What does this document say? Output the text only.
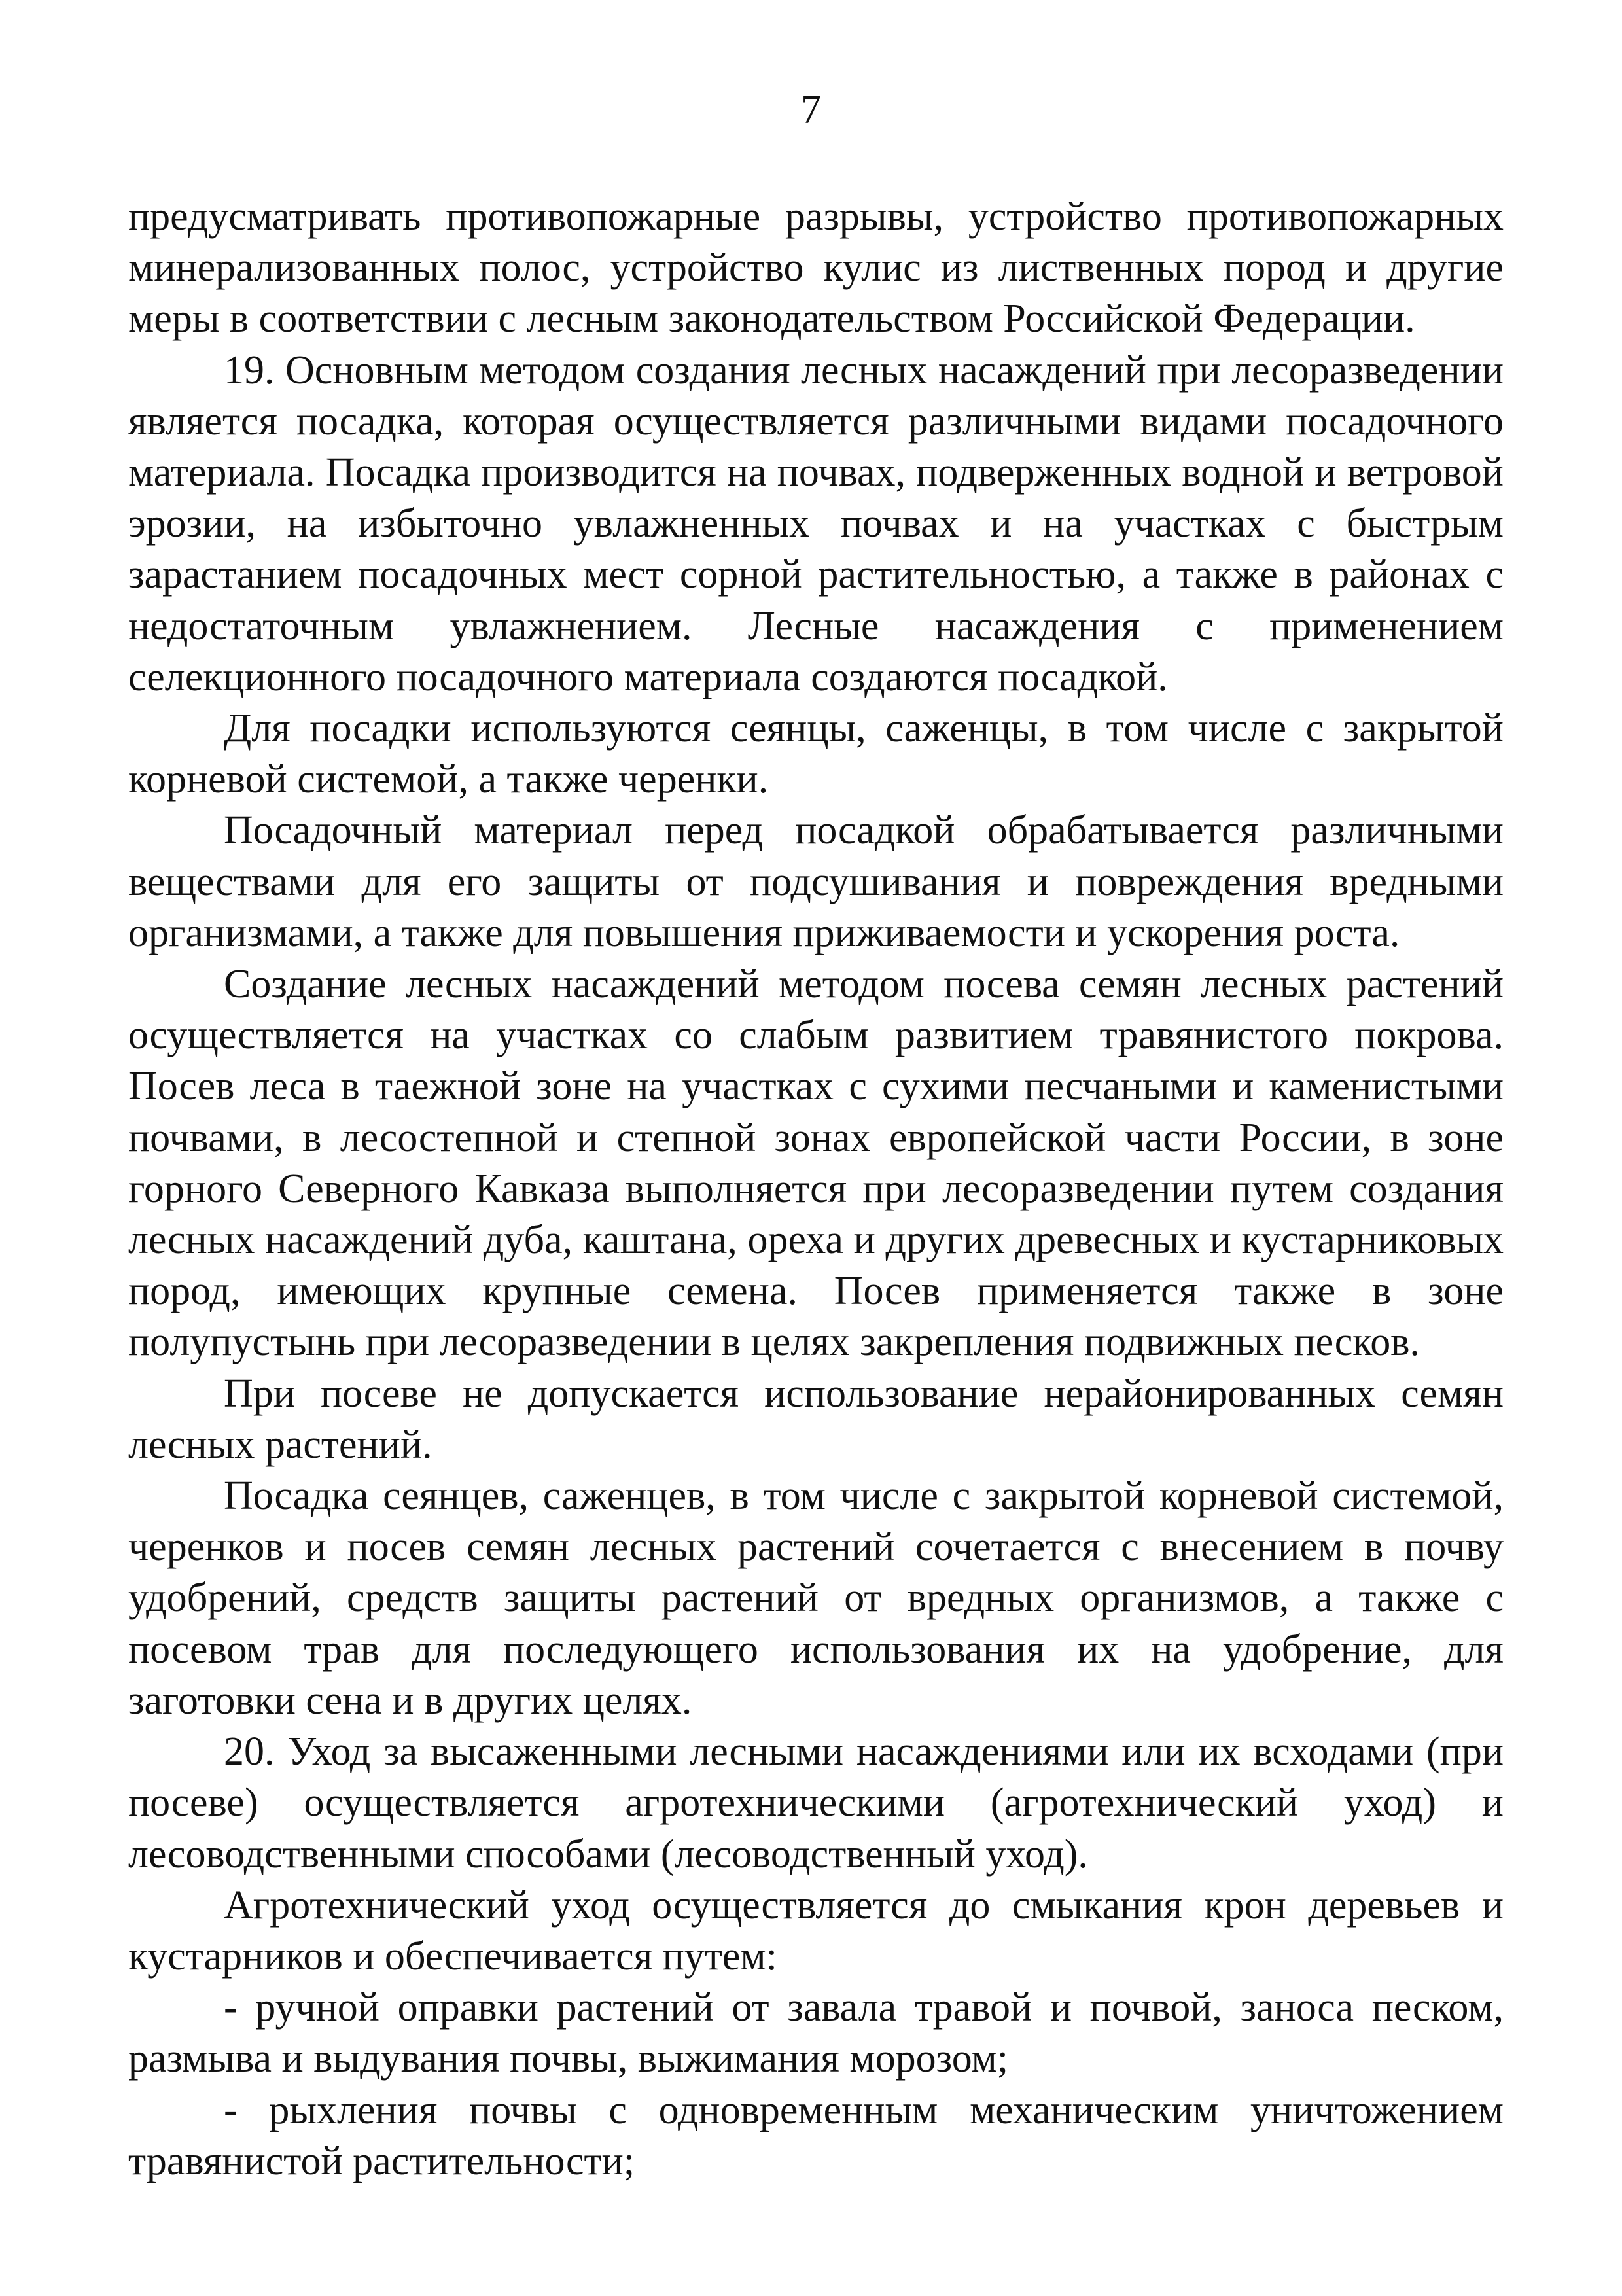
7

предусматривать противопожарные разрывы, устройство противопожарных минерализованных полос, устройство кулис из лиственных пород и другие меры в соответствии с лесным законодательством Российской Федерации.

19. Основным методом создания лесных насаждений при лесоразведении является посадка, которая осуществляется различными видами посадочного материала. Посадка производится на почвах, подверженных водной и ветровой эрозии, на избыточно увлажненных почвах и на участках с быстрым зарастанием посадочных мест сорной растительностью, а также в районах с недостаточным увлажнением. Лесные насаждения с применением селекционного посадочного материала создаются посадкой.

Для посадки используются сеянцы, саженцы, в том числе с закрытой корневой системой, а также черенки.

Посадочный материал перед посадкой обрабатывается различными веществами для его защиты от подсушивания и повреждения вредными организмами, а также для повышения приживаемости и ускорения роста.

Создание лесных насаждений методом посева семян лесных растений осуществляется на участках со слабым развитием травянистого покрова. Посев леса в таежной зоне на участках с сухими песчаными и каменистыми почвами, в лесостепной и степной зонах европейской части России, в зоне горного Северного Кавказа выполняется при лесоразведении путем создания лесных насаждений дуба, каштана, ореха и других древесных и кустарниковых пород, имеющих крупные семена. Посев применяется также в зоне полупустынь при лесоразведении в целях закрепления подвижных песков.

При посеве не допускается использование нерайонированных семян лесных растений.

Посадка сеянцев, саженцев, в том числе с закрытой корневой системой, черенков и посев семян лесных растений сочетается с внесением в почву удобрений, средств защиты растений от вредных организмов, а также с посевом трав для последующего использования их на удобрение, для заготовки сена и в других целях.

20. Уход за высаженными лесными насаждениями или их всходами (при посеве) осуществляется агротехническими (агротехнический уход) и лесоводственными способами (лесоводственный уход).

Агротехнический уход осуществляется до смыкания крон деревьев и кустарников и обеспечивается путем:

- ручной оправки растений от завала травой и почвой, заноса песком, размыва и выдувания почвы, выжимания морозом;

- рыхления почвы с одновременным механическим уничтожением травянистой растительности;
